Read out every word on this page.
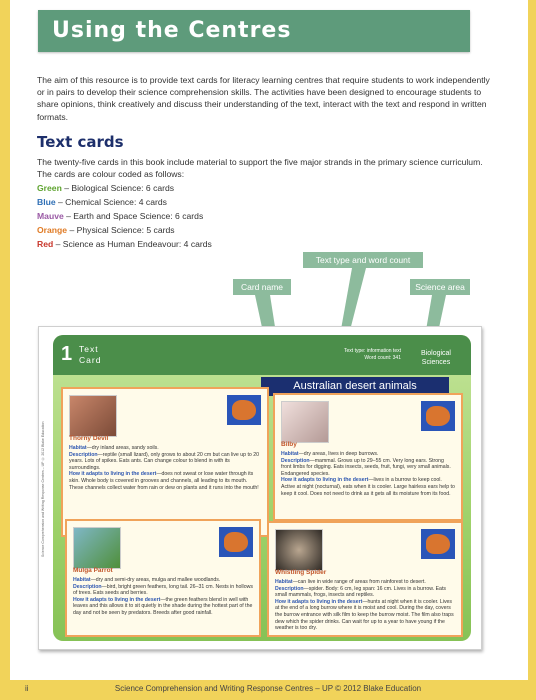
Using the Centres

The aim of this resource is to provide text cards for literacy learning centres that require students to work independently or in pairs to develop their science comprehension skills. The activities have been designed to encourage students to share opinions, think creatively and discuss their understanding of the text, interact with the text and respond in written formats.

Text cards

The twenty-five cards in this book include material to support the five major strands in the primary science curriculum. The cards are colour coded as follows:

Green – Biological Science: 6 cards
Blue – Chemical Science: 4 cards
Mauve – Earth and Space Science: 6 cards
Orange – Physical Science: 5 cards
Red – Science as Human Endeavour: 4 cards
Text type and word count
Card name	Science area
Science Comprehension and Writing Response Centres – UP © 2012 Blake Education
1 Text
Card
Text type: information text
Word count: 341
Biological
Sciences
Australian desert animals
Thorny Devil
Habitat—dry inland areas, sandy soils.
Description—reptile (small lizard), only grows to about 20 cm but can live up to 20 years. Lots of spikes. Eats ants. Can change colour to blend in with its surroundings.
How it adapts to living in the desert—does not sweat or lose water through its skin. Whole body is covered in grooves and channels, all leading to its mouth. These channels collect water from rain or dew on plants and it runs into the mouth!
Bilby
Habitat—dry areas, lives in deep burrows.
Description—mammal. Grows up to 29–55 cm. Very long ears. Strong front limbs for digging. Eats insects, seeds, fruit, fungi, very small animals. Endangered species.
How it adapts to living in the desert—lives in a burrow to keep cool. Active at night (nocturnal), eats when it is cooler. Large hairless ears help to keep it cool. Does not need to drink as it gets all its moisture from its food.
Mulga Parrot
Habitat—dry and semi-dry areas, mulga and mallee woodlands.
Description—bird, bright green feathers, long tail. 26–31 cm. Nests in hollows of trees. Eats seeds and berries.
How it adapts to living in the desert—the green feathers blend in well with leaves and this allows it to sit quietly in the shade during the hottest part of the day and not be seen by predators. Breeds after good rainfall.
Whistling Spider
Habitat—can live in wide range of areas from rainforest to desert.
Description—spider. Body: 6 cm, leg span: 16 cm. Lives in a burrow. Eats small mammals, frogs, insects and reptiles.
How it adapts to living in the desert—hunts at night when it is cooler. Lives at the end of a long burrow where it is moist and cool. During the day, covers the burrow entrance with silk film to keep the burrow moist. The film also traps dew which the spider drinks. Can wait for up to a year to have young if the weather is too dry.
ii	Science Comprehension and Writing Response Centres – UP © 2012 Blake Education
